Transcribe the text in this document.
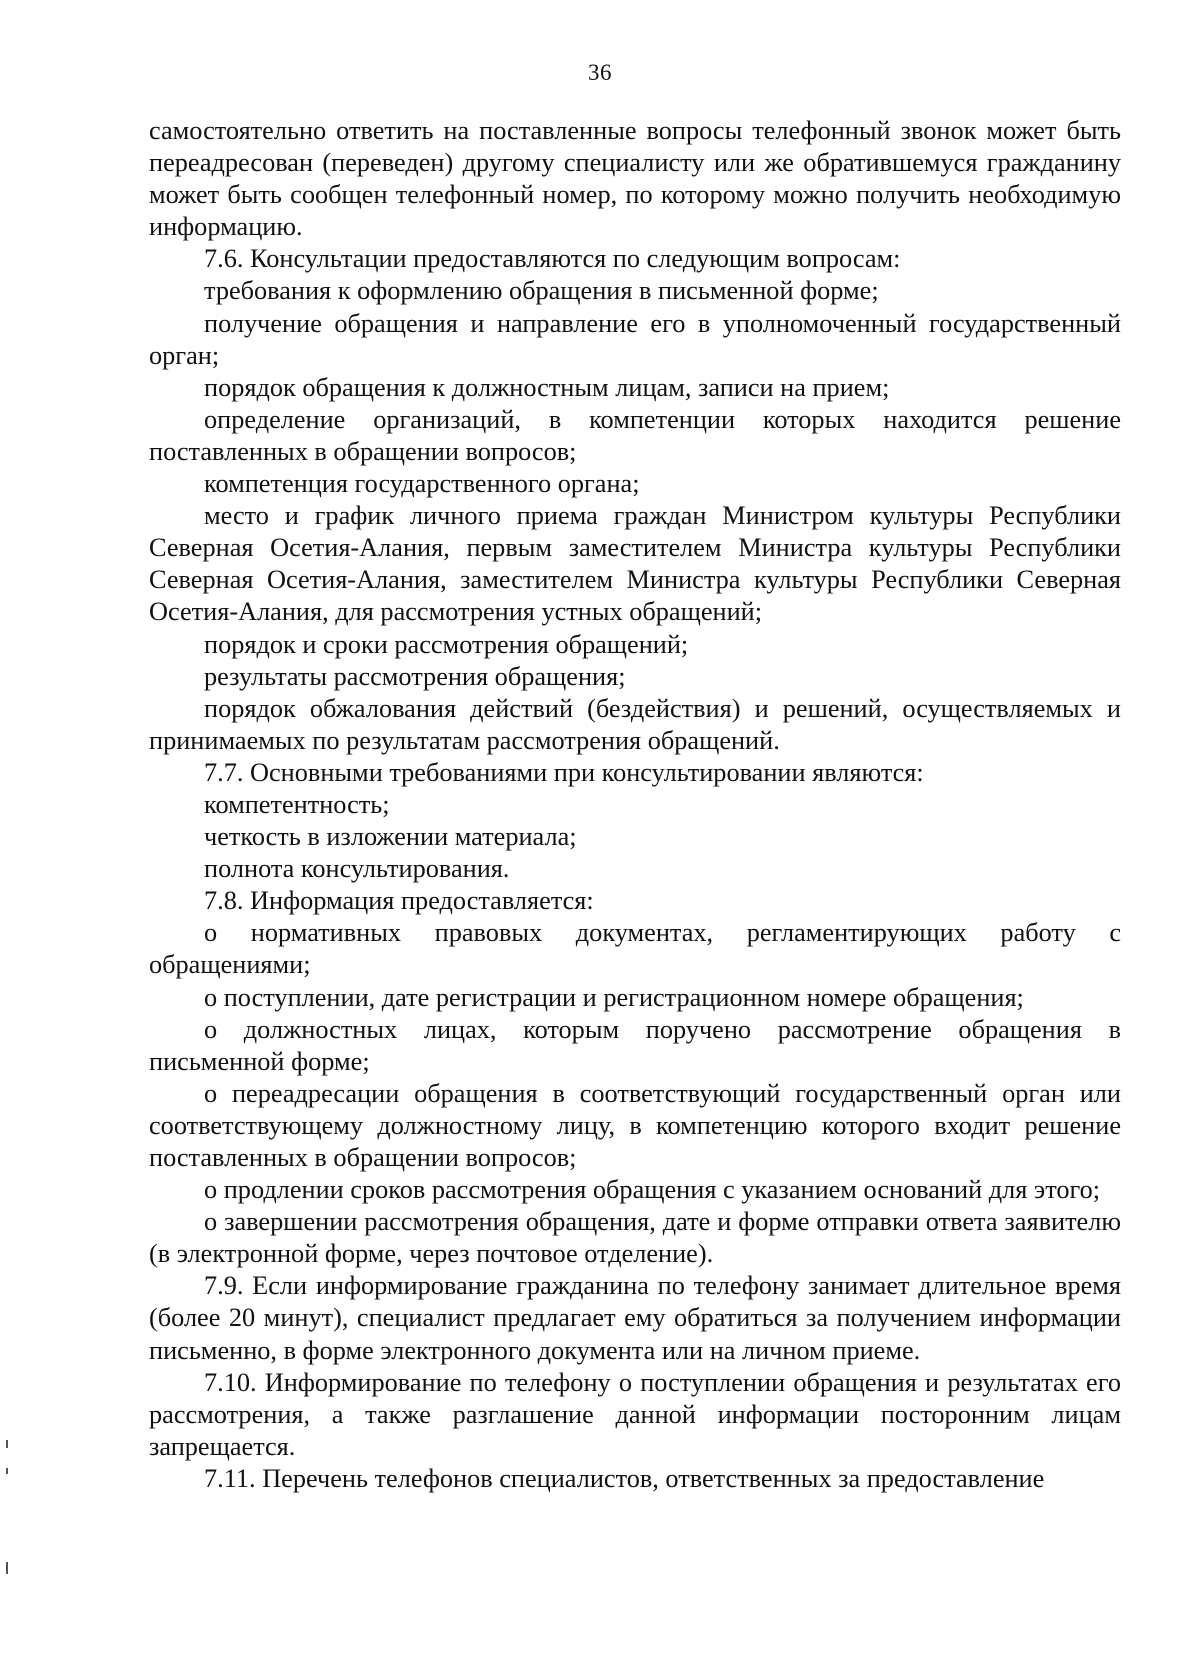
36

самостоятельно ответить на поставленные вопросы телефонный звонок может быть переадресован (переведен) другому специалисту или же обратившемуся гражданину может быть сообщен телефонный номер, по которому можно получить необходимую информацию.

7.6. Консультации предоставляются по следующим вопросам:

требования к оформлению обращения в письменной форме;

получение обращения и направление его в уполномоченный государственный орган;

порядок обращения к должностным лицам, записи на прием;

определение организаций, в компетенции которых находится решение поставленных в обращении вопросов;

компетенция государственного органа;

место и график личного приема граждан Министром культуры Республики Северная Осетия-Алания, первым заместителем Министра культуры Республики Северная Осетия-Алания, заместителем Министра культуры Республики Северная Осетия-Алания, для рассмотрения устных обращений;

порядок и сроки рассмотрения обращений;

результаты рассмотрения обращения;

порядок обжалования действий (бездействия) и решений, осуществляемых и принимаемых по результатам рассмотрения обращений.

7.7. Основными требованиями при консультировании являются:

компетентность;

четкость в изложении материала;

полнота консультирования.

7.8. Информация предоставляется:

о нормативных правовых документах, регламентирующих работу с обращениями;

о поступлении, дате регистрации и регистрационном номере обращения;

о должностных лицах, которым поручено рассмотрение обращения в письменной форме;

о переадресации обращения в соответствующий государственный орган или соответствующему должностному лицу, в компетенцию которого входит решение поставленных в обращении вопросов;

о продлении сроков рассмотрения обращения с указанием оснований для этого;

о завершении рассмотрения обращения, дате и форме отправки ответа заявителю (в электронной форме, через почтовое отделение).

7.9. Если информирование гражданина по телефону занимает длительное время (более 20 минут), специалист предлагает ему обратиться за получением информации письменно, в форме электронного документа или на личном приеме.

7.10. Информирование по телефону о поступлении обращения и результатах его рассмотрения, а также разглашение данной информации посторонним лицам запрещается.

7.11. Перечень телефонов специалистов, ответственных за предоставление
